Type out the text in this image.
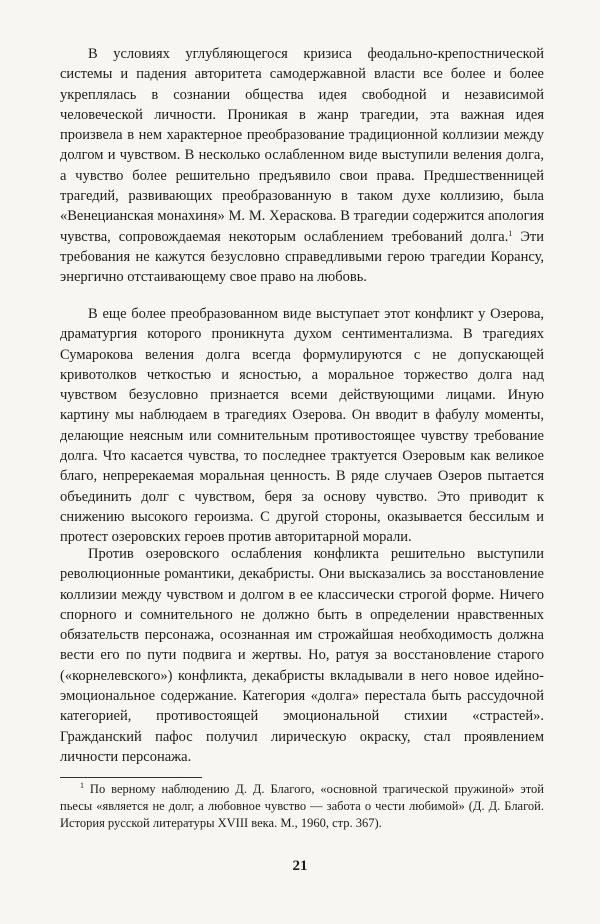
В условиях углубляющегося кризиса феодально-крепостнической системы и падения авторитета самодержавной власти все более и более укреплялась в сознании общества идея свободной и независимой человеческой личности. Проникая в жанр трагедии, эта важная идея произвела в нем характерное преобразование традиционной коллизии между долгом и чувством. В несколько ослабленном виде выступили веления долга, а чувство более решительно предъявило свои права. Предшественницей трагедий, развивающих преобразованную в таком духе коллизию, была «Венецианская монахиня» М. М. Хераскова. В трагедии содержится апология чувства, сопровождаемая некоторым ослаблением требований долга.$^1$ Эти требования не кажутся безусловно справедливыми герою трагедии Корансу, энергично отстаивающему свое право на любовь.

В еще более преобразованном виде выступает этот конфликт у Озерова, драматургия которого проникнута духом сентиментализма. В трагедиях Сумарокова веления долга всегда формулируются с не допускающей кривотолков четкостью и ясностью, а моральное торжество долга над чувством безусловно признается всеми действующими лицами. Иную картину мы наблюдаем в трагедиях Озерова. Он вводит в фабулу моменты, делающие неясным или сомнительным противостоящее чувству требование долга. Что касается чувства, то последнее трактуется Озеровым как великое благо, непререкаемая моральная ценность. В ряде случаев Озеров пытается объединить долг с чувством, беря за основу чувство. Это приводит к снижению высокого героизма. С другой стороны, оказывается бессилым и протест озеровских героев против авторитарной морали.

Против озеровского ослабления конфликта решительно выступили революционные романтики, декабристы. Они высказались за восстановление коллизии между чувством и долгом в ее классически строгой форме. Ничего спорного и сомнительного не должно быть в определении нравственных обязательств персонажа, осознанная им строжайшая необходимость должна вести его по пути подвига и жертвы. Но, ратуя за восстановление старого («корнелевского») конфликта, декабристы вкладывали в него новое идейно-эмоциональное содержание. Категория «долга» перестала быть рассудочной категорией, противостоящей эмоциональной стихии «страстей». Гражданский пафос получил лирическую окраску, стал проявлением личности персонажа.

$^1$ По верному наблюдению Д. Д. Благого, «основной трагической пружиной» этой пьесы «является не долг, а любовное чувство — забота о чести любимой» (Д. Д. Благой. История русской литературы XVIII века. М., 1960, стр. 367).

21
